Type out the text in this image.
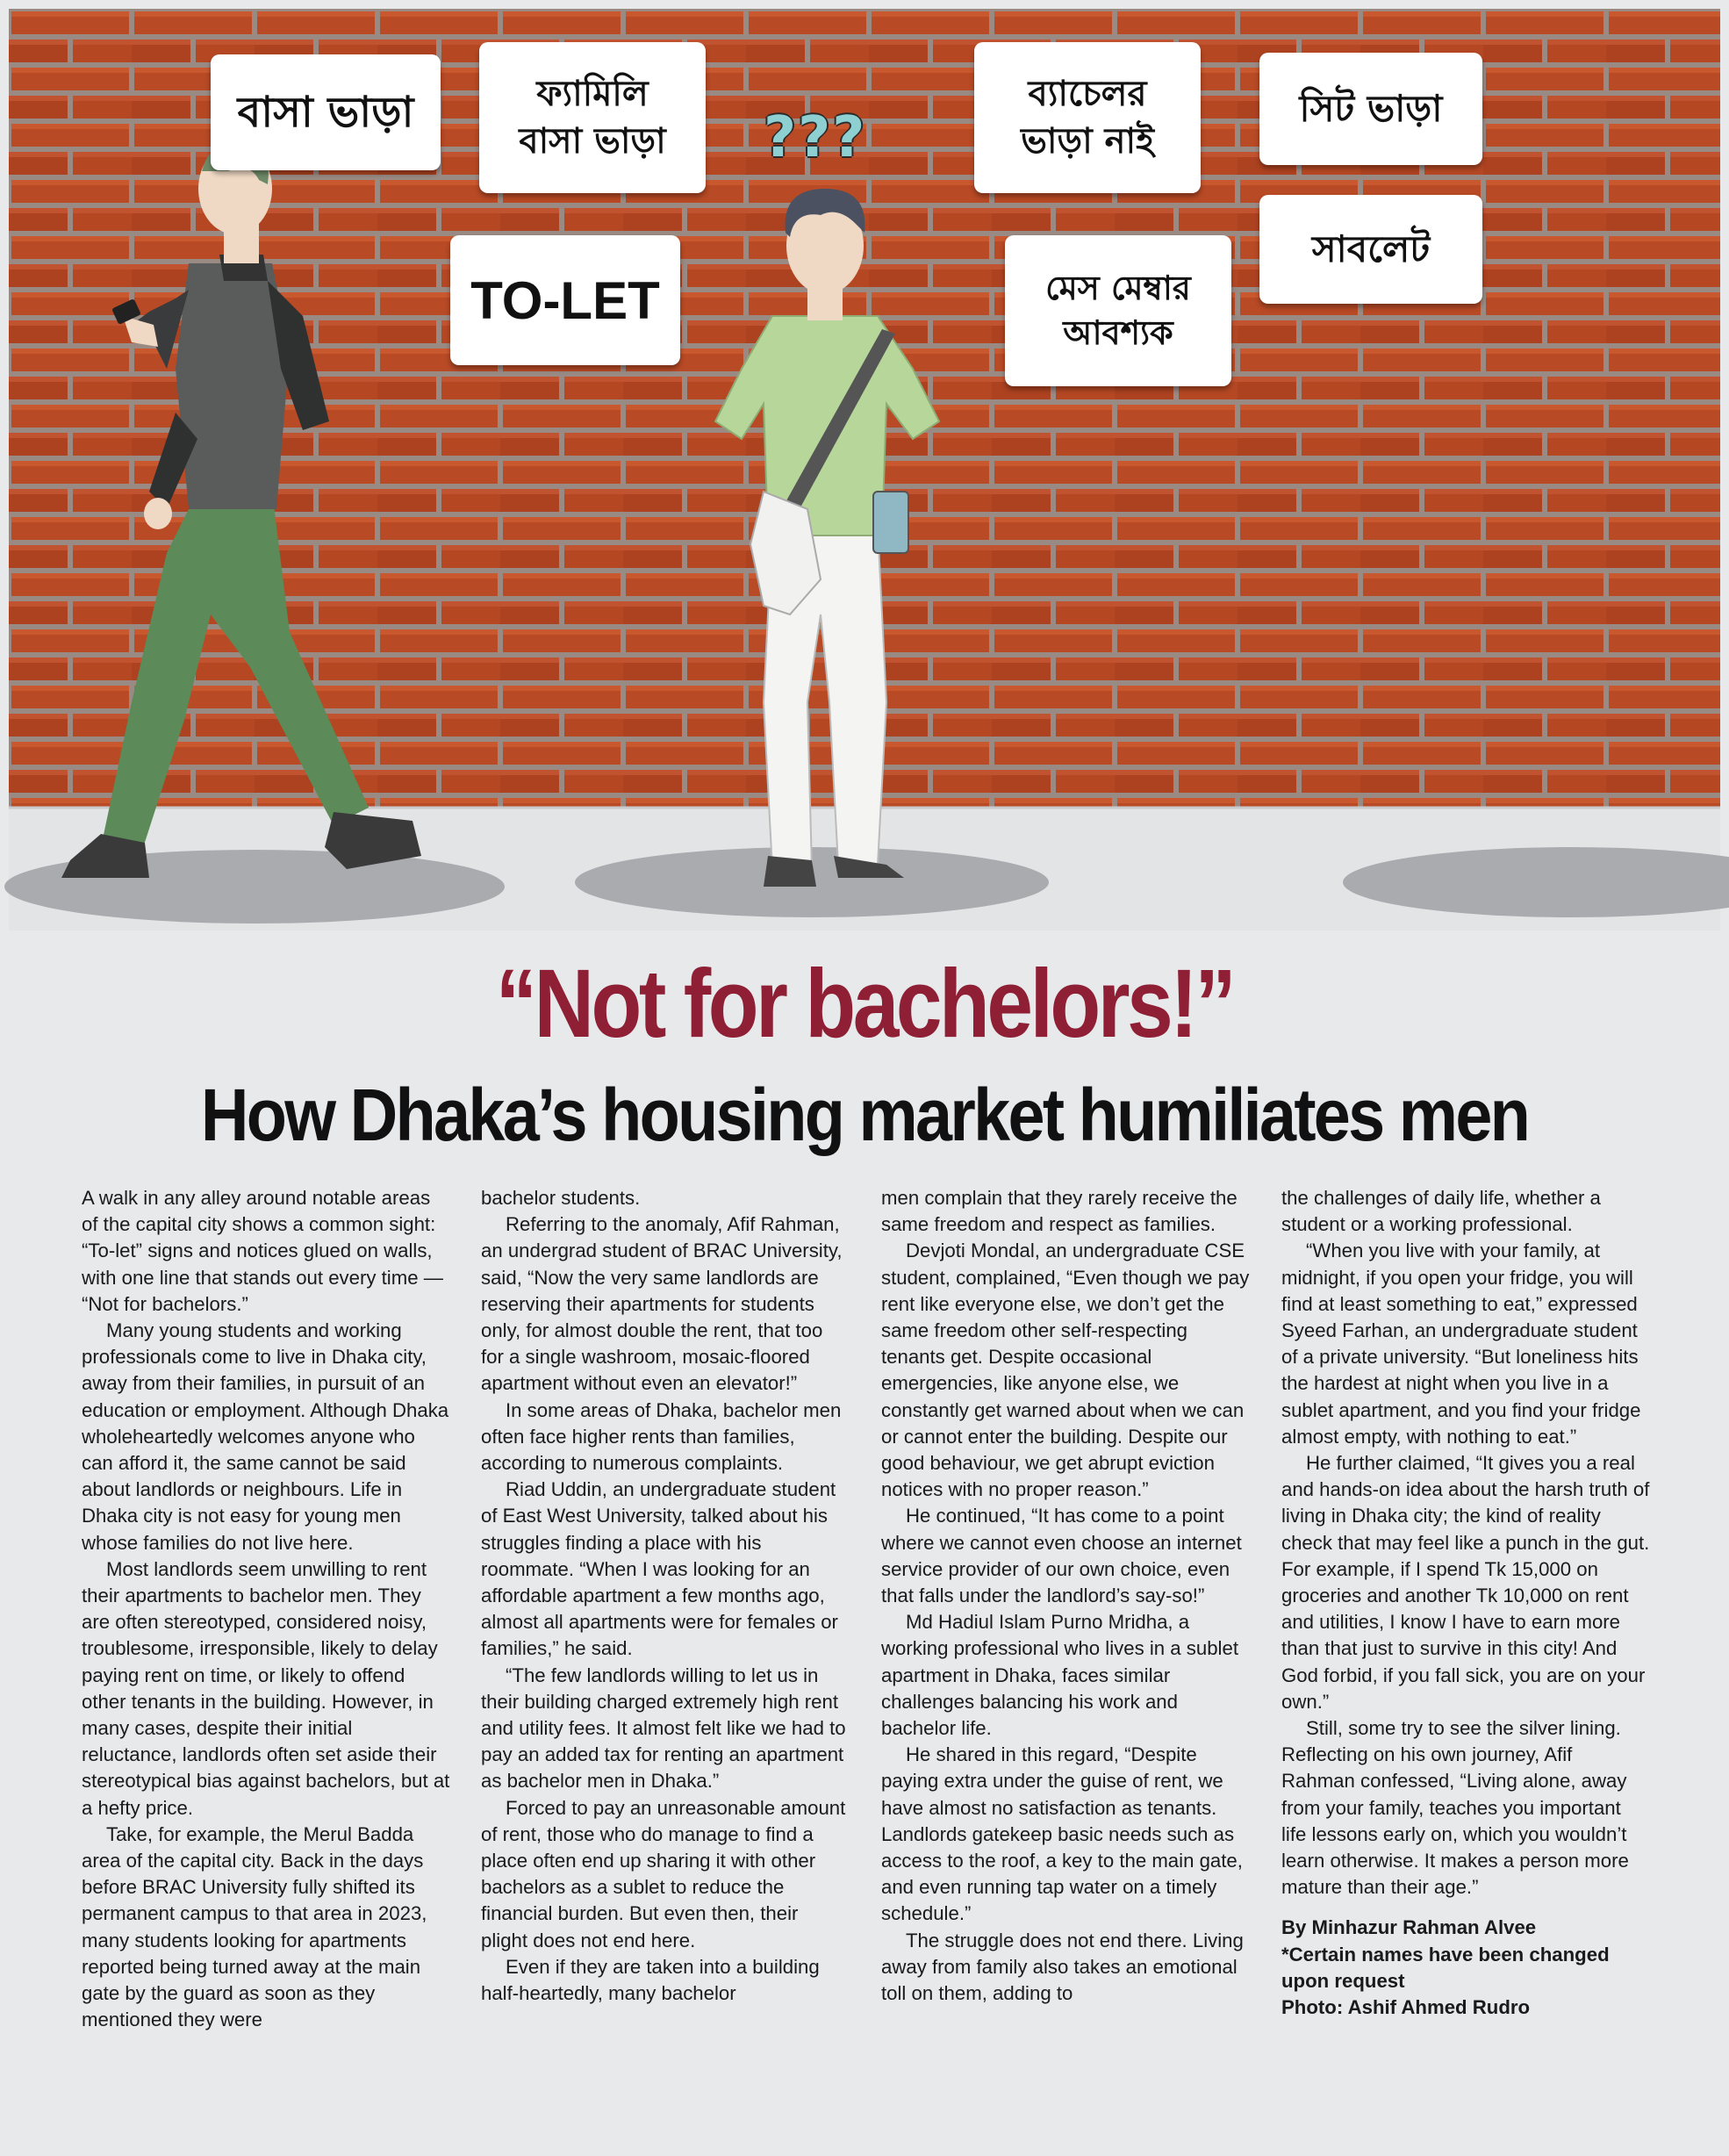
বাসা ভাড়া	ফ্যামিলি
বাসা ভাড়া
TO-LET
ব্যাচেলর
ভাড়া নাই
মেস মেম্বার
আবশ্যক
সিট ভাড়া
সাবলেট
???
“Not for bachelors!”
How Dhaka’s housing market humiliates men

A walk in any alley around notable areas of the capital city shows a common sight: “To-let” signs and notices glued on walls, with one line that stands out every time — “Not for bachelors.”

Many young students and working professionals come to live in Dhaka city, away from their families, in pursuit of an education or employment. Although Dhaka wholeheartedly welcomes anyone who can afford it, the same cannot be said about landlords or neighbours. Life in Dhaka city is not easy for young men whose families do not live here.

Most landlords seem unwilling to rent their apartments to bachelor men. They are often stereotyped, considered noisy, troublesome, irresponsible, likely to delay paying rent on time, or likely to offend other tenants in the building. However, in many cases, despite their initial reluctance, landlords often set aside their stereotypical bias against bachelors, but at a hefty price.

Take, for example, the Merul Badda area of the capital city. Back in the days before BRAC University fully shifted its permanent campus to that area in 2023, many students looking for apartments reported being turned away at the main gate by the guard as soon as they mentioned they were

bachelor students.

Referring to the anomaly, Afif Rahman, an undergrad student of BRAC University, said, “Now the very same landlords are reserving their apartments for students only, for almost double the rent, that too for a single washroom, mosaic-floored apartment without even an elevator!”

In some areas of Dhaka, bachelor men often face higher rents than families, according to numerous complaints.

Riad Uddin, an undergraduate student of East West University, talked about his struggles finding a place with his roommate. “When I was looking for an affordable apartment a few months ago, almost all apartments were for females or families,” he said.

“The few landlords willing to let us in their building charged extremely high rent and utility fees. It almost felt like we had to pay an added tax for renting an apartment as bachelor men in Dhaka.”

Forced to pay an unreasonable amount of rent, those who do manage to find a place often end up sharing it with other bachelors as a sublet to reduce the financial burden. But even then, their plight does not end here.

Even if they are taken into a building half-heartedly, many bachelor

men complain that they rarely receive the same freedom and respect as families.

Devjoti Mondal, an undergraduate CSE student, complained, “Even though we pay rent like everyone else, we don’t get the same freedom other self-respecting tenants get. Despite occasional emergencies, like anyone else, we constantly get warned about when we can or cannot enter the building. Despite our good behaviour, we get abrupt eviction notices with no proper reason.”

He continued, “It has come to a point where we cannot even choose an internet service provider of our own choice, even that falls under the landlord’s say-so!”

Md Hadiul Islam Purno Mridha, a working professional who lives in a sublet apartment in Dhaka, faces similar challenges balancing his work and bachelor life.

He shared in this regard, “Despite paying extra under the guise of rent, we have almost no satisfaction as tenants. Landlords gatekeep basic needs such as access to the roof, a key to the main gate, and even running tap water on a timely schedule.”

The struggle does not end there. Living away from family also takes an emotional toll on them, adding to

the challenges of daily life, whether a student or a working professional.

“When you live with your family, at midnight, if you open your fridge, you will find at least something to eat,” expressed Syeed Farhan, an undergraduate student of a private university. “But loneliness hits the hardest at night when you live in a sublet apartment, and you find your fridge almost empty, with nothing to eat.”

He further claimed, “It gives you a real and hands-on idea about the harsh truth of living in Dhaka city; the kind of reality check that may feel like a punch in the gut. For example, if I spend Tk 15,000 on groceries and another Tk 10,000 on rent and utilities, I know I have to earn more than that just to survive in this city! And God forbid, if you fall sick, you are on your own.”

Still, some try to see the silver lining. Reflecting on his own journey, Afif Rahman confessed, “Living alone, away from your family, teaches you important life lessons early on, which you wouldn’t learn otherwise. It makes a person more mature than their age.”

By Minhazur Rahman Alvee
*Certain names have been changed upon request
Photo: Ashif Ahmed Rudro
